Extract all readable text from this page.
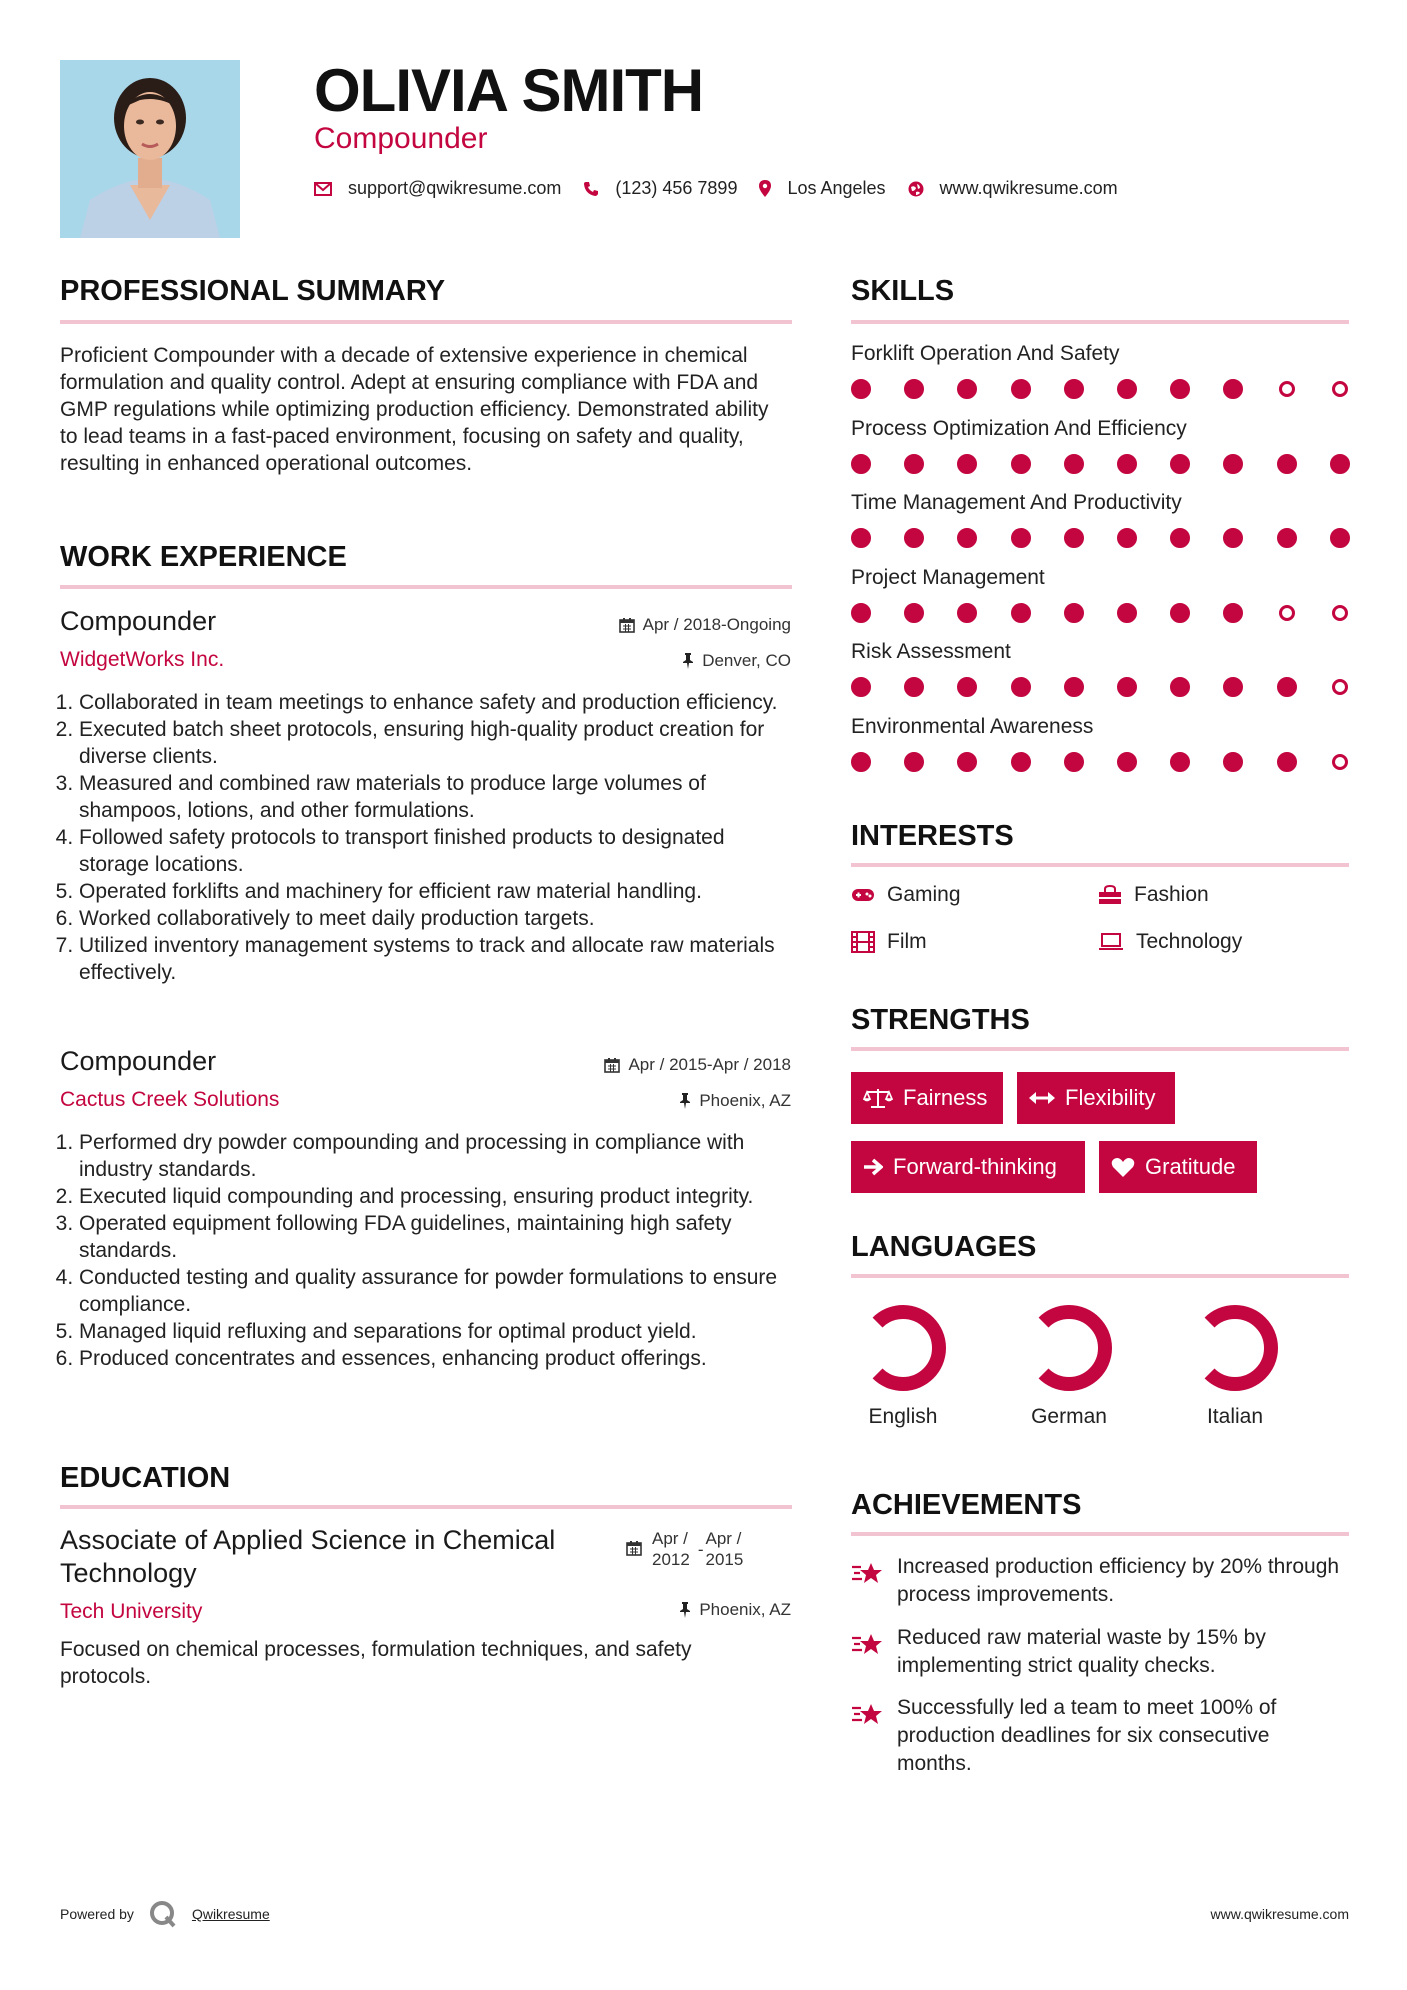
OLIVIA SMITH
Compounder
support@qwikresume.com	(123) 456 7899	Los Angeles	www.qwikresume.com
PROFESSIONAL SUMMARY
Proficient Compounder with a decade of extensive experience in chemical formulation and quality control. Adept at ensuring compliance with FDA and GMP regulations while optimizing production efficiency. Demonstrated ability to lead teams in a fast-paced environment, focusing on safety and quality, resulting in enhanced operational outcomes.
WORK EXPERIENCE
Compounder	Apr / 2018-Ongoing
WidgetWorks Inc.	Denver, CO
1. Collaborated in team meetings to enhance safety and production efficiency.
2. Executed batch sheet protocols, ensuring high-quality product creation for diverse clients.
3. Measured and combined raw materials to produce large volumes of shampoos, lotions, and other formulations.
4. Followed safety protocols to transport finished products to designated storage locations.
5. Operated forklifts and machinery for efficient raw material handling.
6. Worked collaboratively to meet daily production targets.
7. Utilized inventory management systems to track and allocate raw materials effectively.
Compounder	Apr / 2015-Apr / 2018
Cactus Creek Solutions	Phoenix, AZ
1. Performed dry powder compounding and processing in compliance with industry standards.
2. Executed liquid compounding and processing, ensuring product integrity.
3. Operated equipment following FDA guidelines, maintaining high safety standards.
4. Conducted testing and quality assurance for powder formulations to ensure compliance.
5. Managed liquid refluxing and separations for optimal product yield.
6. Produced concentrates and essences, enhancing product offerings.
EDUCATION
Associate of Applied Science in Chemical Technology
Apr /
2012
-
Apr /
2015
Tech University	Phoenix, AZ
Focused on chemical processes, formulation techniques, and safety protocols.
SKILLS
Forklift Operation And Safety
Process Optimization And Efficiency
Time Management And Productivity
Project Management
Risk Assessment
Environmental Awareness
INTERESTS
Gaming	Fashion
Film	Technology
STRENGTHS
Fairness	Flexibility
Forward-thinking	Gratitude
LANGUAGES
English	German	Italian
ACHIEVEMENTS
Increased production efficiency by 20% through process improvements.
Reduced raw material waste by 15% by implementing strict quality checks.
Successfully led a team to meet 100% of production deadlines for six consecutive months.
Powered by	Qwikresume	www.qwikresume.com
